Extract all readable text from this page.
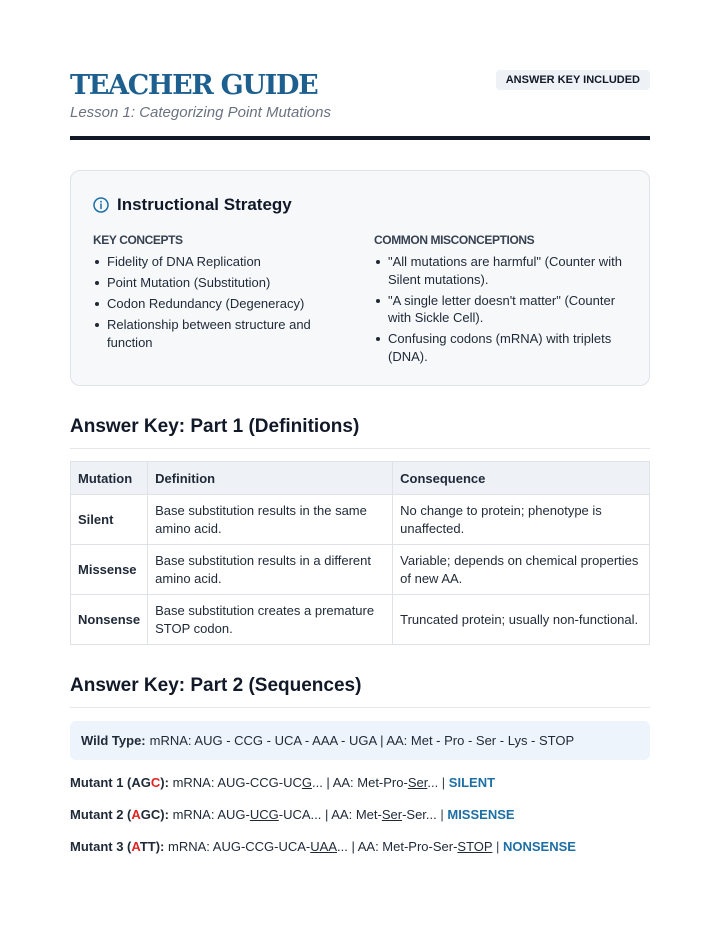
TEACHER GUIDE
Lesson 1: Categorizing Point Mutations
ANSWER KEY INCLUDED
Instructional Strategy
KEY CONCEPTS
Fidelity of DNA Replication
Point Mutation (Substitution)
Codon Redundancy (Degeneracy)
Relationship between structure and function
COMMON MISCONCEPTIONS
"All mutations are harmful" (Counter with Silent mutations).
"A single letter doesn't matter" (Counter with Sickle Cell).
Confusing codons (mRNA) with triplets (DNA).
Answer Key: Part 1 (Definitions)
Mutation	Definition	Consequence
Silent	Base substitution results in the same amino acid.	No change to protein; phenotype is unaffected.
Missense	Base substitution results in a different amino acid.	Variable; depends on chemical properties of new AA.
Nonsense	Base substitution creates a premature STOP codon.	Truncated protein; usually non-functional.
Answer Key: Part 2 (Sequences)
Wild Type: mRNA: AUG - CCG - UCA - AAA - UGA | AA: Met - Pro - Ser - Lys - STOP
Mutant 1 (AGC): mRNA: AUG-CCG-UCG... | AA: Met-Pro-Ser... | SILENT
Mutant 2 (AGC): mRNA: AUG-UCG-UCA... | AA: Met-Ser-Ser... | MISSENSE
Mutant 3 (ATT): mRNA: AUG-CCG-UCA-UAA... | AA: Met-Pro-Ser-STOP | NONSENSE
